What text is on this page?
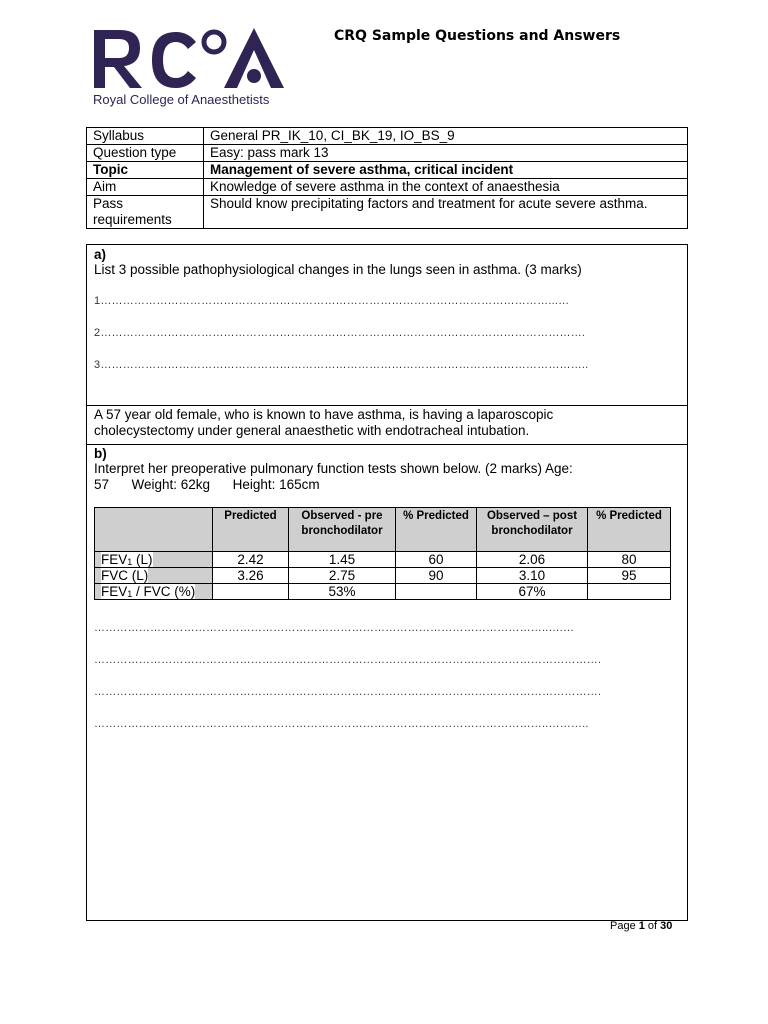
Royal College of Anaesthetists
CRQ Sample Questions and Answers
Syllabus	General PR_IK_10, CI_BK_19, IO_BS_9
Question type	Easy: pass mark 13
Topic	Management of severe asthma, critical incident
Aim	Knowledge of severe asthma in the context of anaesthesia
Pass requirements	Should know precipitating factors and treatment for acute severe asthma.
a)
List 3 possible pathophysiological changes in the lungs seen in asthma. (3 marks)
1…………………………………………………………………………………………………………...…
2………………………………………………………………………………………………………………….
3…………………………………………………………………………………………………………………..
A 57 year old female, who is known to have asthma, is having a laparoscopic
cholecystectomy under general anaesthetic with endotracheal intubation.
b)
Interpret her preoperative pulmonary function tests shown below. (2 marks) Age:
57      Weight: 62kg      Height: 165cm
	Predicted	Observed - pre bronchodilator	% Predicted	Observed – post bronchodilator	% Predicted
$FEV_1$ (L)	2.42	1.45	60	2.06	80
FVC (L)	3.26	2.75	90	3.10	95
$FEV_1$ / FVC (%)		53%		67%	
…………………………………………………………………………………………………………..….…
……………………………………………………………………………………………………………………….
……………………………………………………………………………………………………………………….
…………………………………………………………………………………………………………..………..
Page 1 of 30
